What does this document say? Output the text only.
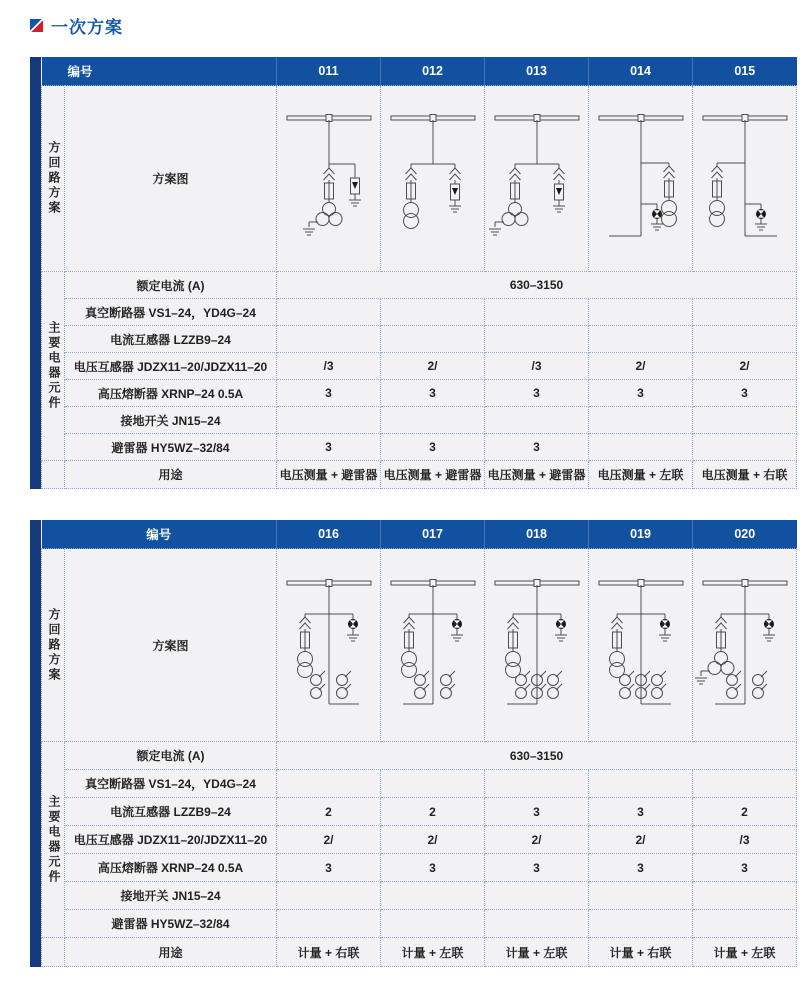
一次方案
编号		011	012	013	014	015

方回路方案	方案图	

主要电器元件	额定电流 (A)	630–3150				
	真空断路器 VS1–24，YD4G–24					
	电流互感器 LZZB9–24					
	电压互感器 JDZX11–20/JDZX11–20	/3	2/	/3	2/	2/
	高压熔断器 XRNP–24 0.5A	3	3	3	3	3
	接地开关 JN15–24					
	避雷器 HY5WZ–32/84	3	3	3		
	用途	电压测量 + 避雷器	电压测量 + 避雷器	电压测量 + 避雷器	电压测量 + 左联	电压测量 + 右联
编号		016	017	018	019	020

方回路方案	方案图	

主要电器元件	额定电流 (A)	630–3150				
	真空断路器 VS1–24，YD4G–24					
	电流互感器 LZZB9–24	2	2	3	3	2
	电压互感器 JDZX11–20/JDZX11–20	2/	2/	2/	2/	/3
	高压熔断器 XRNP–24 0.5A	3	3	3	3	3
	接地开关 JN15–24					
	避雷器 HY5WZ–32/84					
	用途	计量 + 右联	计量 + 左联	计量 + 左联	计量 + 右联	计量 + 左联
